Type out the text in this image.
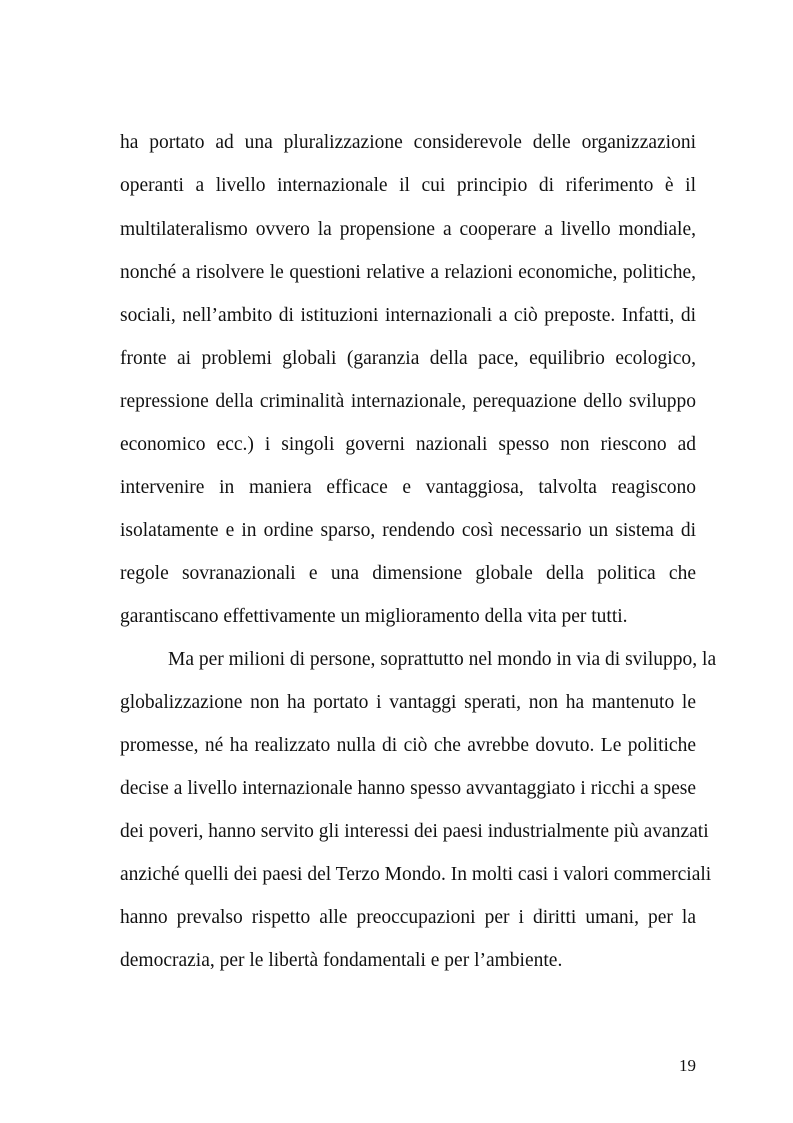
ha portato ad una pluralizzazione considerevole delle organizzazioni
operanti a livello internazionale il cui principio di riferimento è il
multilateralismo ovvero la propensione a cooperare a livello mondiale,
nonché a risolvere le questioni relative a relazioni economiche, politiche,
sociali, nell’ambito di istituzioni internazionali a ciò preposte. Infatti, di
fronte ai problemi globali (garanzia della pace, equilibrio ecologico,
repressione della criminalità internazionale, perequazione dello sviluppo
economico ecc.) i singoli governi nazionali spesso non riescono ad
intervenire in maniera efficace e vantaggiosa, talvolta reagiscono
isolatamente e in ordine sparso, rendendo così necessario un sistema di
regole sovranazionali e una dimensione globale della politica che
garantiscano effettivamente un miglioramento della vita per tutti.
Ma per milioni di persone, soprattutto nel mondo in via di sviluppo, la
globalizzazione non ha portato i vantaggi sperati, non ha mantenuto le
promesse, né ha realizzato nulla di ciò che avrebbe dovuto. Le politiche
decise a livello internazionale hanno spesso avvantaggiato i ricchi a spese
dei poveri, hanno servito gli interessi dei paesi industrialmente più avanzati
anziché quelli dei paesi del Terzo Mondo. In molti casi i valori commerciali
hanno prevalso rispetto alle preoccupazioni per i diritti umani, per la
democrazia, per le libertà fondamentali e per l’ambiente.
19
